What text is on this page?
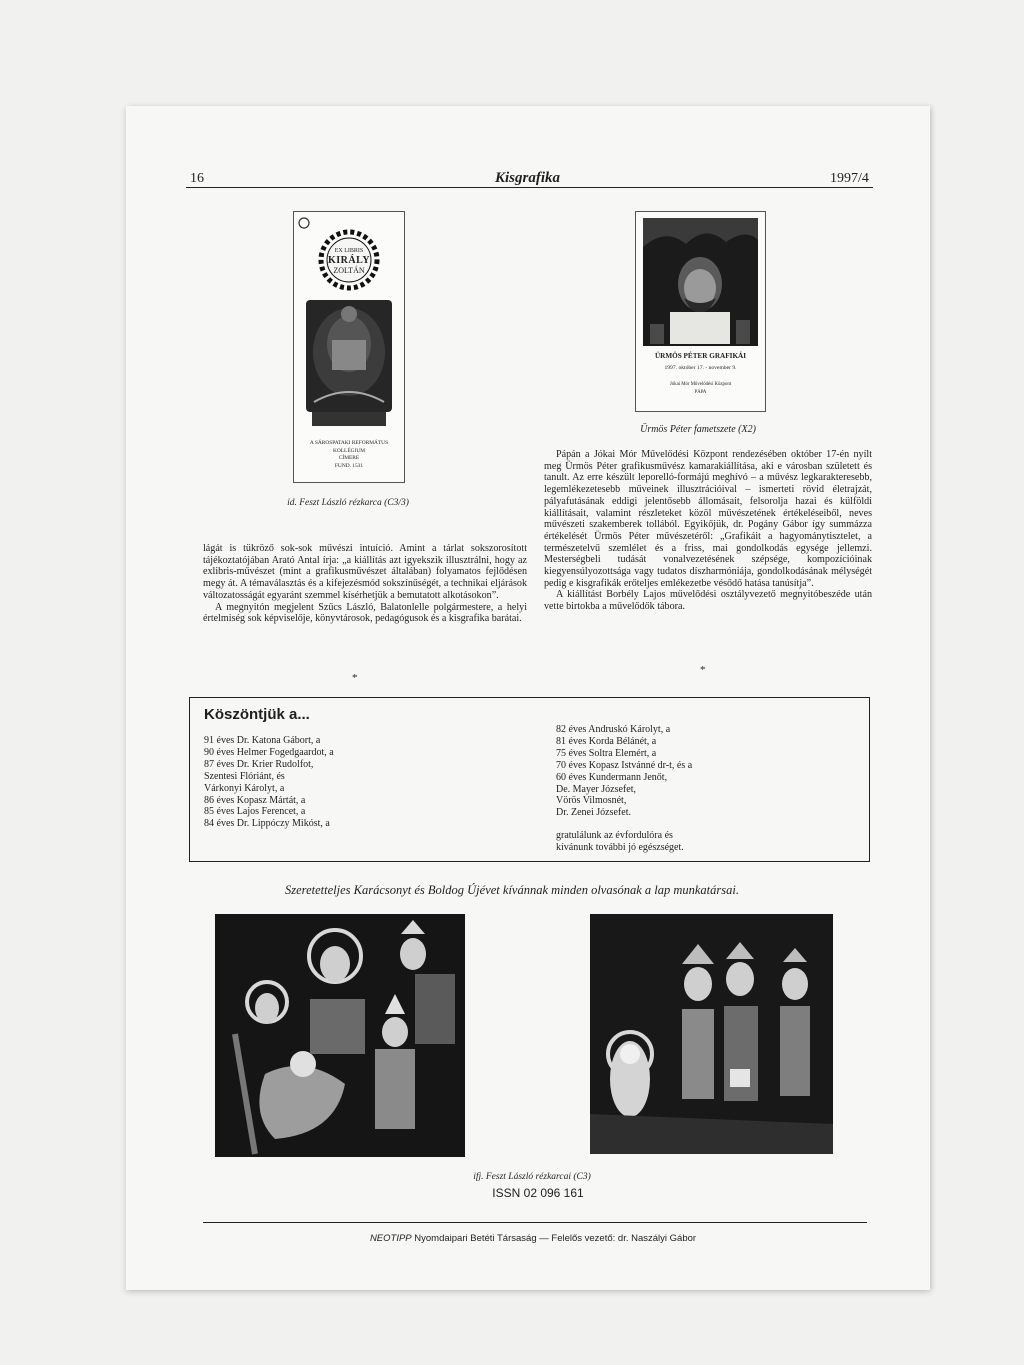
16	Kisgrafika	1997/4
EX LIBRIS
KIRÁLY
ZOLTÁN
A SÁROSPATAKI REFORMÁTUS
KOLLÉGIUM
CÍMERE
FUND. 1531
id. Feszt László rézkarca (C3/3)
ÜRMÖS PÉTER GRAFIKÁI
1997. október 17. - november 9.
Jókai Mór Művelődési Központ
PÁPA
Ürmös Péter fametszete (X2)

lágát is tükröző sok-sok művészi intuíció. Amint a tárlat sokszorosított tájékoztatójában Arató Antal írja: „a kiállítás azt igyekszik illusztrálni, hogy az exlibris-művészet (mint a grafikusművészet általában) folyamatos fejlődésen megy át. A témaválasztás és a kifejezésmód sokszínűségét, a technikai eljárások változatosságát egyaránt szemmel kísérhetjük a bemutatott alkotásokon”.

A megnyitón megjelent Szűcs László, Balatonlelle polgármestere, a helyi értelmiség sok képviselője, könyvtárosok, pedagógusok és a kisgrafika barátai.

*

Pápán a Jókai Mór Művelődési Központ rendezésében október 17-én nyílt meg Ürmös Péter grafikusművész kamarakiállítása, aki e városban született és tanult. Az erre készült leporelló-formájú meghívó – a művész legkarakteresebb, legemlékezetesebb műveinek illusztrációival – ismerteti rövid életrajzát, pályafutásának eddigi jelentősebb állomásait, felsorolja hazai és külföldi kiállításait, valamint részleteket közöl művészetének értékeléseiből, neves művészeti szakemberek tollából. Egyikőjük, dr. Pogány Gábor így summázza értékelését Ürmös Péter művészetéről: „Grafikáit a hagyománytisztelet, a természetelvű szemlélet és a friss, mai gondolkodás egysége jellemzi. Mesterségbeli tudását vonalvezetésének szépsége, kompozícióinak kiegyensúlyozottsága vagy tudatos díszharmóniája, gondolkodásának mélységét pedig e kisgrafikák erőteljes emlékezetbe vésődő hatása tanúsítja”.

A kiállítást Borbély Lajos művelődési osztályvezető megnyitóbeszéde után vette birtokba a művelődők tábora.

*
Köszöntjük a...
91 éves Dr. Katona Gábort, a
90 éves Helmer Fogedgaardot, a
87 éves Dr. Krier Rudolfot,
Szentesi Flóriánt, és
Várkonyi Károlyt, a
86 éves Kopasz Mártát, a
85 éves Lajos Ferencet, a
84 éves Dr. Lippóczy Mikóst, a
82 éves Andruskó Károlyt, a
81 éves Korda Bélánét, a
75 éves Soltra Elemért, a
70 éves Kopasz Istvánné dr-t, és a
60 éves Kundermann Jenőt,
De. Mayer Józsefet,
Vörös Vilmosnét,
Dr. Zenei Józsefet.
gratulálunk az évfordulóra és
kívánunk további jó egészséget.
Szeretetteljes Karácsonyt és Boldog Újévet kívánnak minden olvasónak a lap munkatársai.
ifj. Feszt László rézkarcai (C3)
ISSN 02 096 161
NEOTIPP Nyomdaipari Betéti Társaság — Felelős vezető: dr. Naszályi Gábor
